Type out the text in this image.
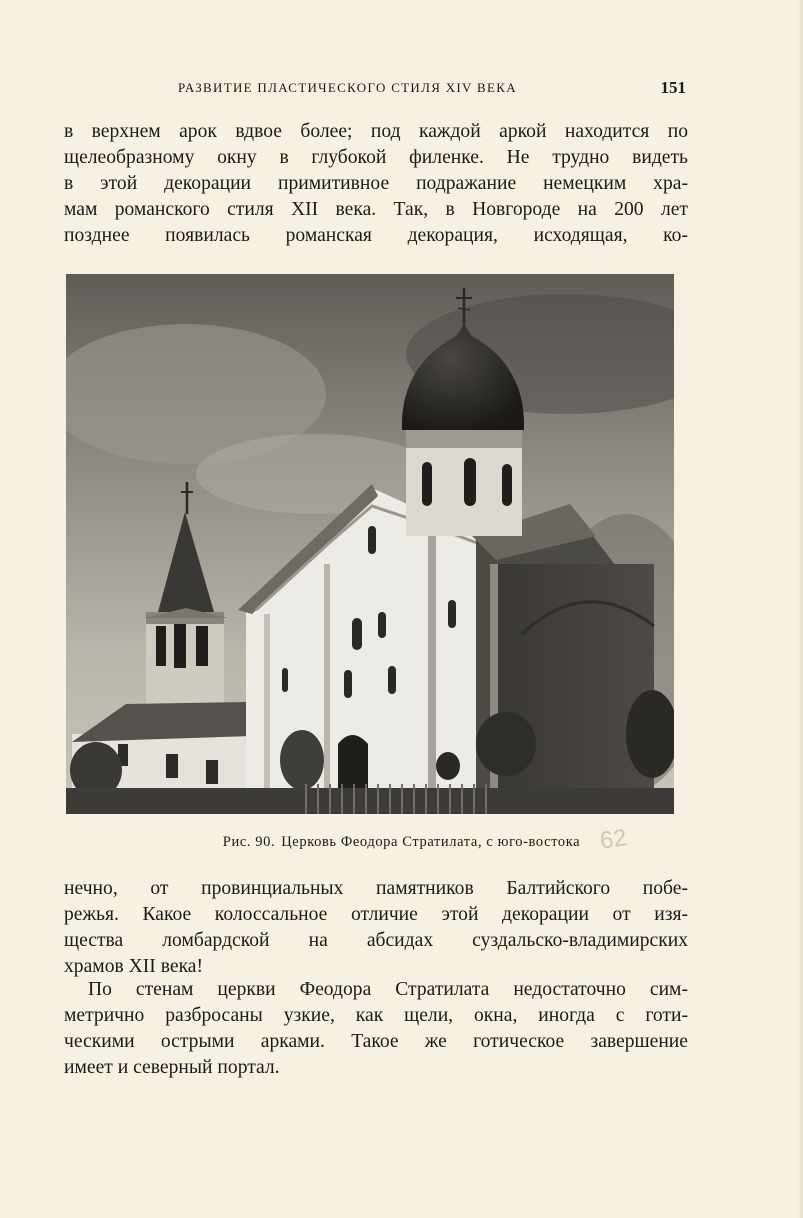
РАЗВИТИЕ ПЛАСТИЧЕСКОГО СТИЛЯ XIV ВЕКА	151
в верхнем арок вдвое более; под каждой аркой находится по
щелеобразному окну в глубокой филенке. Не трудно видеть
в этой декорации примитивное подражание немецким хра-
мам романского стиля XII века. Так, в Новгороде на 200 лет
позднее появилась романская декорация, исходящая, ко-
Рис. 90. Церковь Феодора Стратилата, с юго-востока 62
нечно, от провинциальных памятников Балтийского побе-
режья. Какое колоссальное отличие этой декорации от изя-
щества ломбардской на абсидах суздальско-владимирских
храмов XII века!
По стенам церкви Феодора Стратилата недостаточно сим-
метрично разбросаны узкие, как щели, окна, иногда с готи-
ческими острыми арками. Такое же готическое завершение
имеет и северный портал.
